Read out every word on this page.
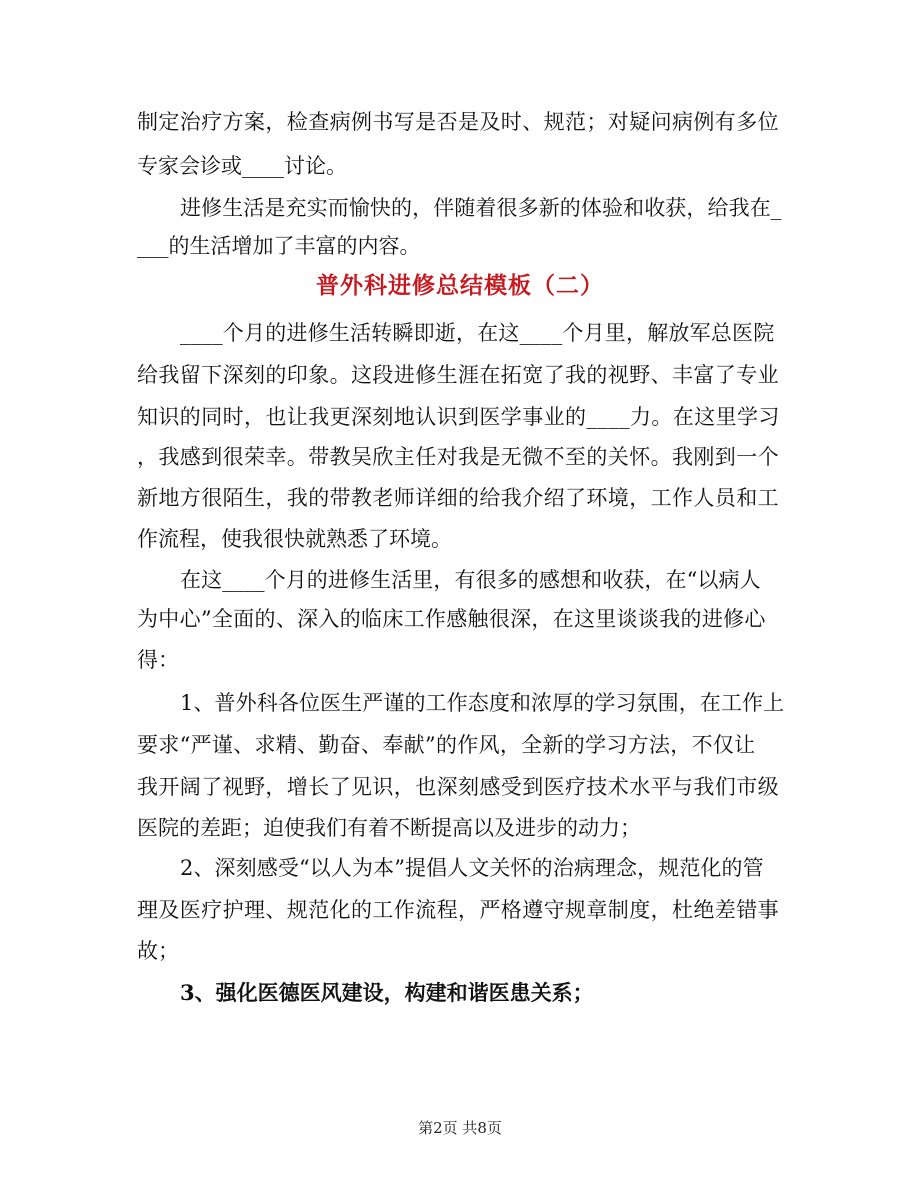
制定治疗方案，检查病例书写是否是及时、规范；对疑问病例有多位

专家会诊或____讨论。

进修生活是充实而愉快的，伴随着很多新的体验和收获，给我在_

___的生活增加了丰富的内容。

普外科进修总结模板（二）

____个月的进修生活转瞬即逝，在这____个月里，解放军总医院

给我留下深刻的印象。这段进修生涯在拓宽了我的视野、丰富了专业

知识的同时，也让我更深刻地认识到医学事业的____力。在这里学习

，我感到很荣幸。带教吴欣主任对我是无微不至的关怀。我刚到一个

新地方很陌生，我的带教老师详细的给我介绍了环境，工作人员和工

作流程，使我很快就熟悉了环境。

在这____个月的进修生活里，有很多的感想和收获，在“以病人

为中心”全面的、深入的临床工作感触很深，在这里谈谈我的进修心

得：

1、普外科各位医生严谨的工作态度和浓厚的学习氛围，在工作上

要求“严谨、求精、勤奋、奉献”的作风，全新的学习方法，不仅让

我开阔了视野，增长了见识，也深刻感受到医疗技术水平与我们市级

医院的差距；迫使我们有着不断提高以及进步的动力；

2、深刻感受“以人为本”提倡人文关怀的治病理念，规范化的管

理及医疗护理、规范化的工作流程，严格遵守规章制度，杜绝差错事

故；

3、强化医德医风建设，构建和谐医患关系；

第2页 共8页
